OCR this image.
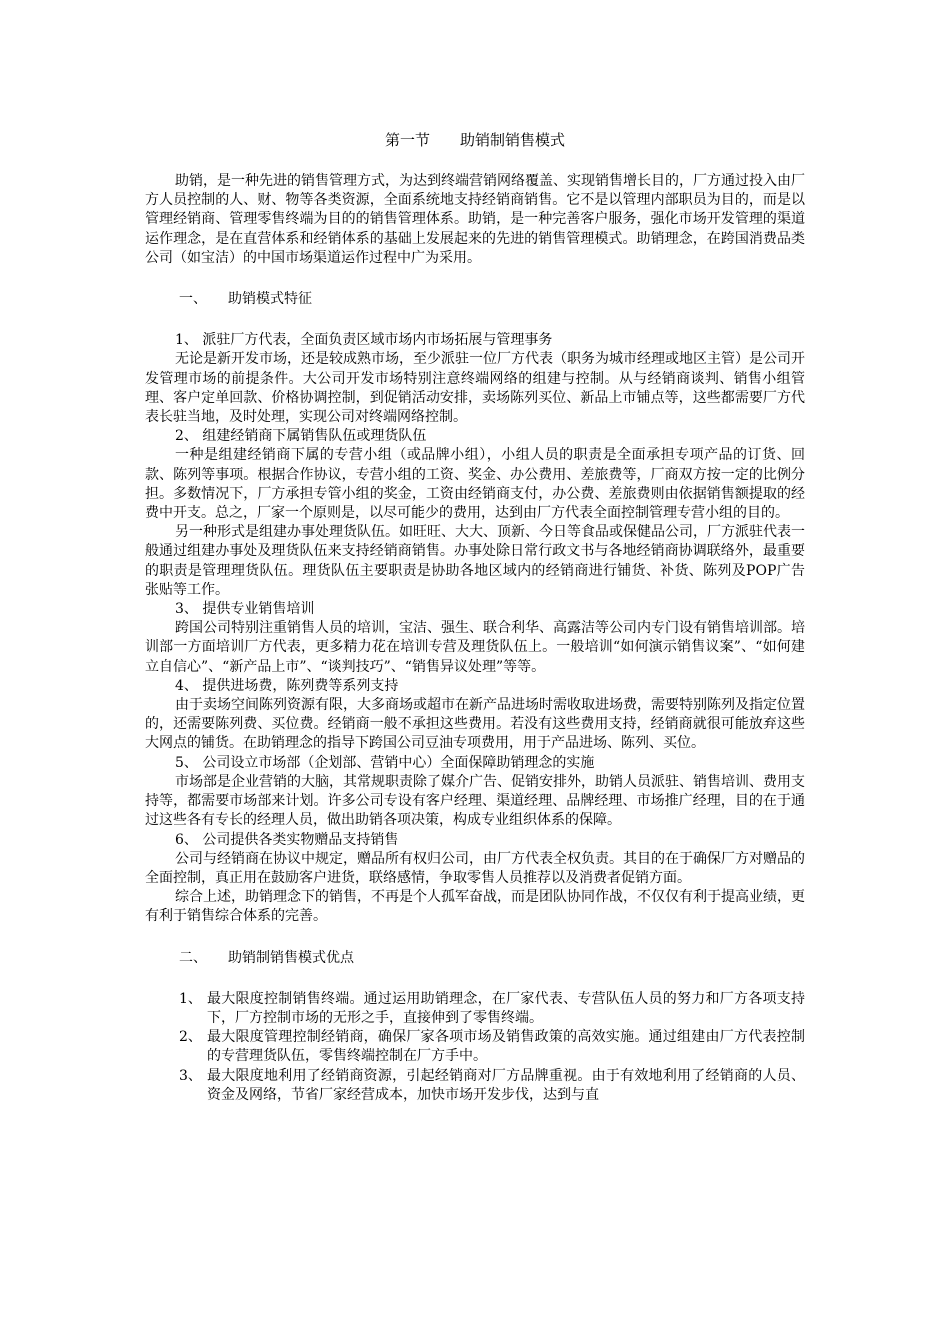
第一节　　助销制销售模式

助销，是一种先进的销售管理方式，为达到终端营销网络覆盖、实现销售增长目的，厂方通过投入由厂方人员控制的人、财、物等各类资源，全面系统地支持经销商销售。它不是以管理内部职员为目的，而是以管理经销商、管理零售终端为目的的销售管理体系。助销，是一种完善客户服务，强化市场开发管理的渠道运作理念，是在直营体系和经销体系的基础上发展起来的先进的销售管理模式。助销理念，在跨国消费品类公司（如宝洁）的中国市场渠道运作过程中广为采用。

一、　　助销模式特征

1、 派驻厂方代表，全面负责区域市场内市场拓展与管理事务

无论是新开发市场，还是较成熟市场，至少派驻一位厂方代表（职务为城市经理或地区主管）是公司开发管理市场的前提条件。大公司开发市场特别注意终端网络的组建与控制。从与经销商谈判、销售小组管理、客户定单回款、价格协调控制，到促销活动安排，卖场陈列买位、新品上市铺点等，这些都需要厂方代表长驻当地，及时处理，实现公司对终端网络控制。

2、 组建经销商下属销售队伍或理货队伍

一种是组建经销商下属的专营小组（或品牌小组），小组人员的职责是全面承担专项产品的订货、回款、陈列等事项。根据合作协议，专营小组的工资、奖金、办公费用、差旅费等，厂商双方按一定的比例分担。多数情况下，厂方承担专管小组的奖金，工资由经销商支付，办公费、差旅费则由依据销售额提取的经费中开支。总之，厂家一个原则是，以尽可能少的费用，达到由厂方代表全面控制管理专营小组的目的。

另一种形式是组建办事处理货队伍。如旺旺、大大、顶新、今日等食品或保健品公司，厂方派驻代表一般通过组建办事处及理货队伍来支持经销商销售。办事处除日常行政文书与各地经销商协调联络外，最重要的职责是管理理货队伍。理货队伍主要职责是协助各地区域内的经销商进行铺货、补货、陈列及POP广告张贴等工作。

3、 提供专业销售培训

跨国公司特别注重销售人员的培训，宝洁、强生、联合利华、高露洁等公司内专门设有销售培训部。培训部一方面培训厂方代表，更多精力花在培训专营及理货队伍上。一般培训“如何演示销售议案”、“如何建立自信心”、“新产品上市”、“谈判技巧”、“销售异议处理”等等。

4、 提供进场费，陈列费等系列支持

由于卖场空间陈列资源有限，大多商场或超市在新产品进场时需收取进场费，需要特别陈列及指定位置的，还需要陈列费、买位费。经销商一般不承担这些费用。若没有这些费用支持，经销商就很可能放弃这些大网点的铺货。在助销理念的指导下跨国公司豆油专项费用，用于产品进场、陈列、买位。

5、 公司设立市场部（企划部、营销中心）全面保障助销理念的实施

市场部是企业营销的大脑，其常规职责除了媒介广告、促销安排外，助销人员派驻、销售培训、费用支持等，都需要市场部来计划。许多公司专设有客户经理、渠道经理、品牌经理、市场推广经理，目的在于通过这些各有专长的经理人员，做出助销各项决策，构成专业组织体系的保障。

6、 公司提供各类实物赠品支持销售

公司与经销商在协议中规定，赠品所有权归公司，由厂方代表全权负责。其目的在于确保厂方对赠品的全面控制，真正用在鼓励客户进货，联络感情，争取零售人员推荐以及消费者促销方面。

综合上述，助销理念下的销售，不再是个人孤军奋战，而是团队协同作战，不仅仅有利于提高业绩，更有利于销售综合体系的完善。

二、　　助销制销售模式优点
1、 最大限度控制销售终端。通过运用助销理念，在厂家代表、专营队伍人员的努力和厂方各项支持下，厂方控制市场的无形之手，直接伸到了零售终端。
2、 最大限度管理控制经销商，确保厂家各项市场及销售政策的高效实施。通过组建由厂方代表控制的专营理货队伍，零售终端控制在厂方手中。
3、 最大限度地利用了经销商资源，引起经销商对厂方品牌重视。由于有效地利用了经销商的人员、资金及网络，节省厂家经营成本，加快市场开发步伐，达到与直
